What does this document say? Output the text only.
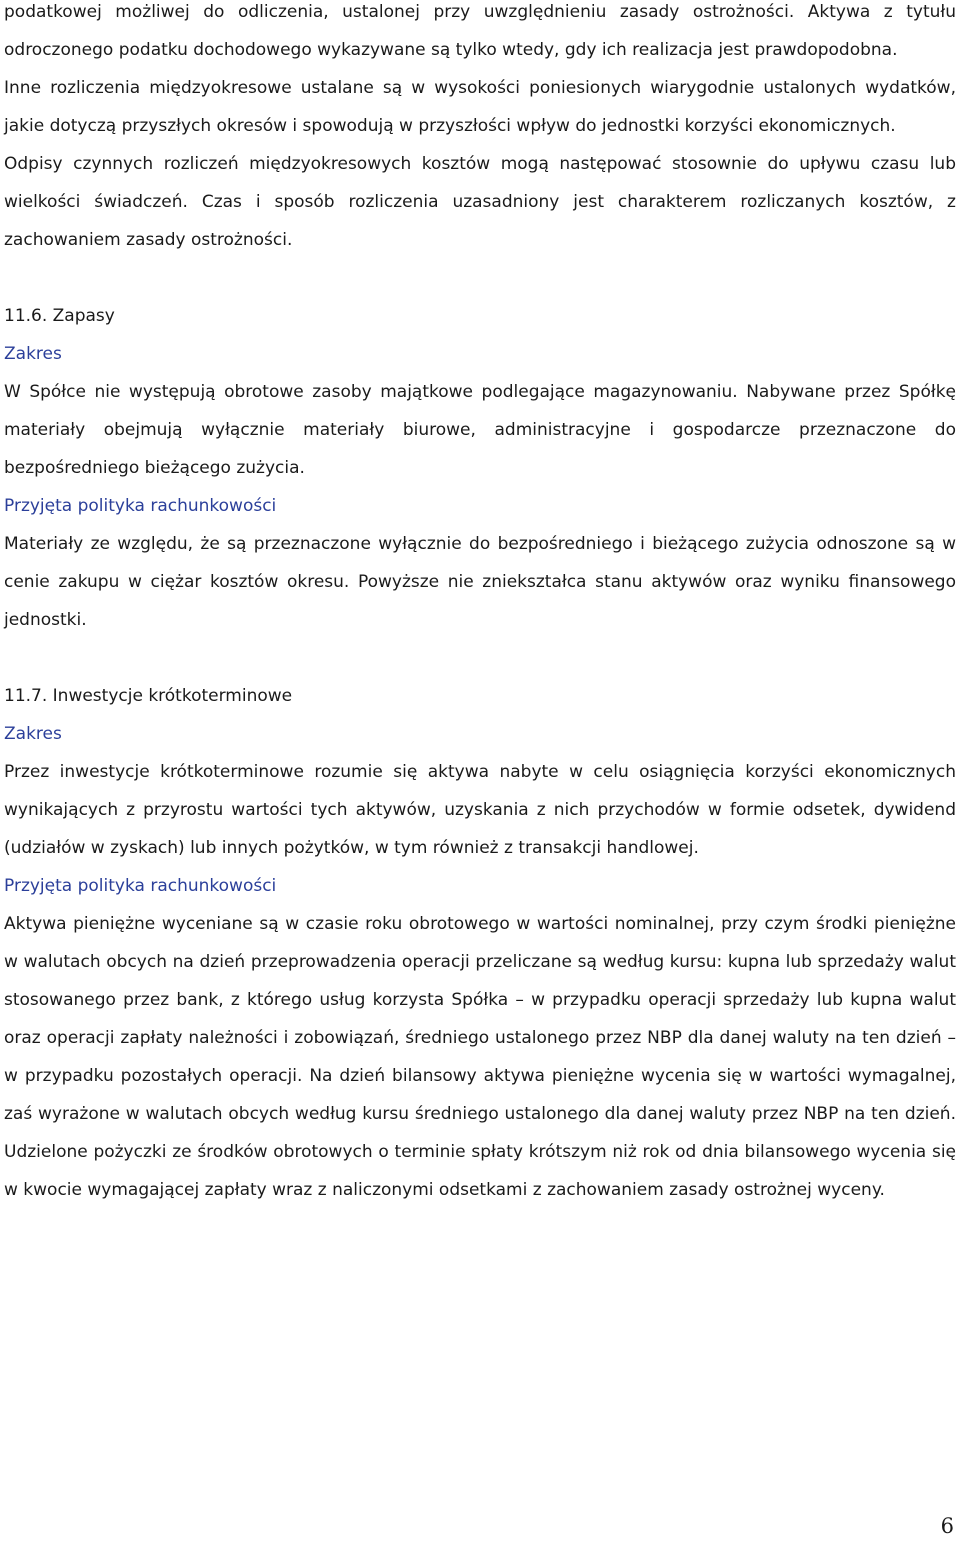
podatkowej możliwej do odliczenia, ustalonej przy uwzględnieniu zasady ostrożności. Aktywa z tytułu odroczonego podatku dochodowego wykazywane są tylko wtedy, gdy ich realizacja jest prawdopodobna.

Inne rozliczenia międzyokresowe ustalane są w wysokości poniesionych wiarygodnie ustalonych wydatków, jakie dotyczą przyszłych okresów i spowodują w przyszłości wpływ do jednostki korzyści ekonomicznych.

Odpisy czynnych rozliczeń międzyokresowych kosztów mogą następować stosownie do upływu czasu lub wielkości świadczeń. Czas i sposób rozliczenia uzasadniony jest charakterem rozliczanych kosztów, z zachowaniem zasady ostrożności.

11.6. Zapasy

Zakres

W Spółce nie występują obrotowe zasoby majątkowe podlegające magazynowaniu. Nabywane przez Spółkę materiały obejmują wyłącznie materiały biurowe, administracyjne i gospodarcze przeznaczone do bezpośredniego bieżącego zużycia.

Przyjęta polityka rachunkowości

Materiały ze względu, że są przeznaczone wyłącznie do bezpośredniego i bieżącego zużycia odnoszone są w cenie zakupu w ciężar kosztów okresu. Powyższe nie zniekształca stanu aktywów oraz wyniku finansowego jednostki.

11.7. Inwestycje krótkoterminowe

Zakres

Przez inwestycje krótkoterminowe rozumie się aktywa nabyte w celu osiągnięcia korzyści ekonomicznych wynikających z przyrostu wartości tych aktywów, uzyskania z nich przychodów w formie odsetek, dywidend (udziałów w zyskach) lub innych pożytków, w tym również z transakcji handlowej.

Przyjęta polityka rachunkowości

Aktywa pieniężne wyceniane są w czasie roku obrotowego w wartości nominalnej, przy czym środki pieniężne w walutach obcych na dzień przeprowadzenia operacji przeliczane są według kursu: kupna lub sprzedaży walut stosowanego przez bank, z którego usług korzysta Spółka – w przypadku operacji sprzedaży lub kupna walut oraz operacji zapłaty należności i zobowiązań, średniego ustalonego przez NBP dla danej waluty na ten dzień – w przypadku pozostałych operacji. Na dzień bilansowy aktywa pieniężne wycenia się w wartości wymagalnej, zaś wyrażone w walutach obcych według kursu średniego ustalonego dla danej waluty przez NBP na ten dzień. Udzielone pożyczki ze środków obrotowych o terminie spłaty krótszym niż rok od dnia bilansowego wycenia się w kwocie wymagającej zapłaty wraz z naliczonymi odsetkami z zachowaniem zasady ostrożnej wyceny.

6
